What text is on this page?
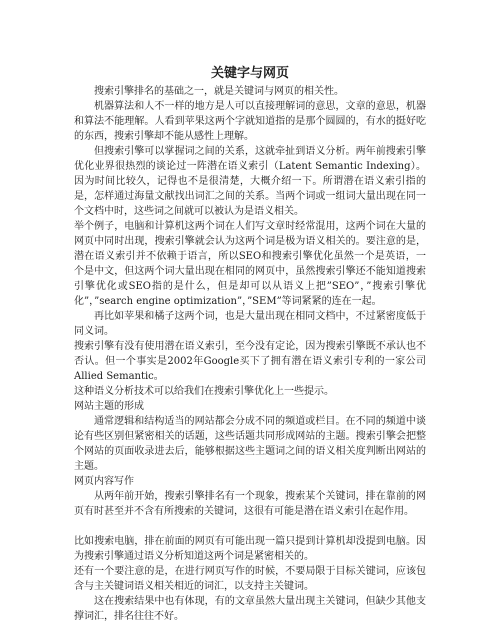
关键字与网页

搜索引擎排名的基础之一，就是关键词与网页的相关性。

机器算法和人不一样的地方是人可以直接理解词的意思，文章的意思，机器和算法不能理解。人看到苹果这两个字就知道指的是那个圆圆的，有水的挺好吃的东西，搜索引擎却不能从感性上理解。

但搜索引擎可以掌握词之间的关系，这就牵扯到语义分析。两年前搜索引擎优化业界很热烈的谈论过一阵潜在语义索引（Latent Semantic Indexing）。因为时间比较久，记得也不是很清楚，大概介绍一下。所谓潜在语义索引指的是，怎样通过海量文献找出词汇之间的关系。当两个词或一组词大量出现在同一个文档中时，这些词之间就可以被认为是语义相关。

举个例子，电脑和计算机这两个词在人们写文章时经常混用，这两个词在大量的网页中同时出现，搜索引擎就会认为这两个词是极为语义相关的。要注意的是，潜在语义索引并不依赖于语言，所以SEO和搜索引擎优化虽然一个是英语，一个是中文，但这两个词大量出现在相同的网页中，虽然搜索引擎还不能知道搜索引擎优化或SEO指的是什么，但是却可以从语义上把”SEO”，”搜索引擎优化”，”search engine optimization”，”SEM”等词紧紧的连在一起。

再比如苹果和橘子这两个词，也是大量出现在相同文档中，不过紧密度低于同义词。

搜索引擎有没有使用潜在语义索引，至今没有定论，因为搜索引擎既不承认也不否认。但一个事实是2002年Google买下了拥有潜在语义索引专利的一家公司Allied Semantic。

这种语义分析技术可以给我们在搜索引擎优化上一些提示。

网站主题的形成

通常逻辑和结构适当的网站都会分成不同的频道或栏目。在不同的频道中谈论有些区别但紧密相关的话题，这些话题共同形成网站的主题。搜索引擎会把整个网站的页面收录进去后，能够根据这些主题词之间的语义相关度判断出网站的主题。

网页内容写作

从两年前开始，搜索引擎排名有一个现象，搜索某个关键词，排在靠前的网页有时甚至并不含有所搜索的关键词，这很有可能是潜在语义索引在起作用。

比如搜索电脑，排在前面的网页有可能出现一篇只提到计算机却没提到电脑。因为搜索引擎通过语义分析知道这两个词是紧密相关的。

还有一个要注意的是，在进行网页写作的时候，不要局限于目标关键词，应该包含与主关键词语义相关相近的词汇，以支持主关键词。

这在搜索结果中也有体现，有的文章虽然大量出现主关键词，但缺少其他支撑词汇，排名往往不好。
